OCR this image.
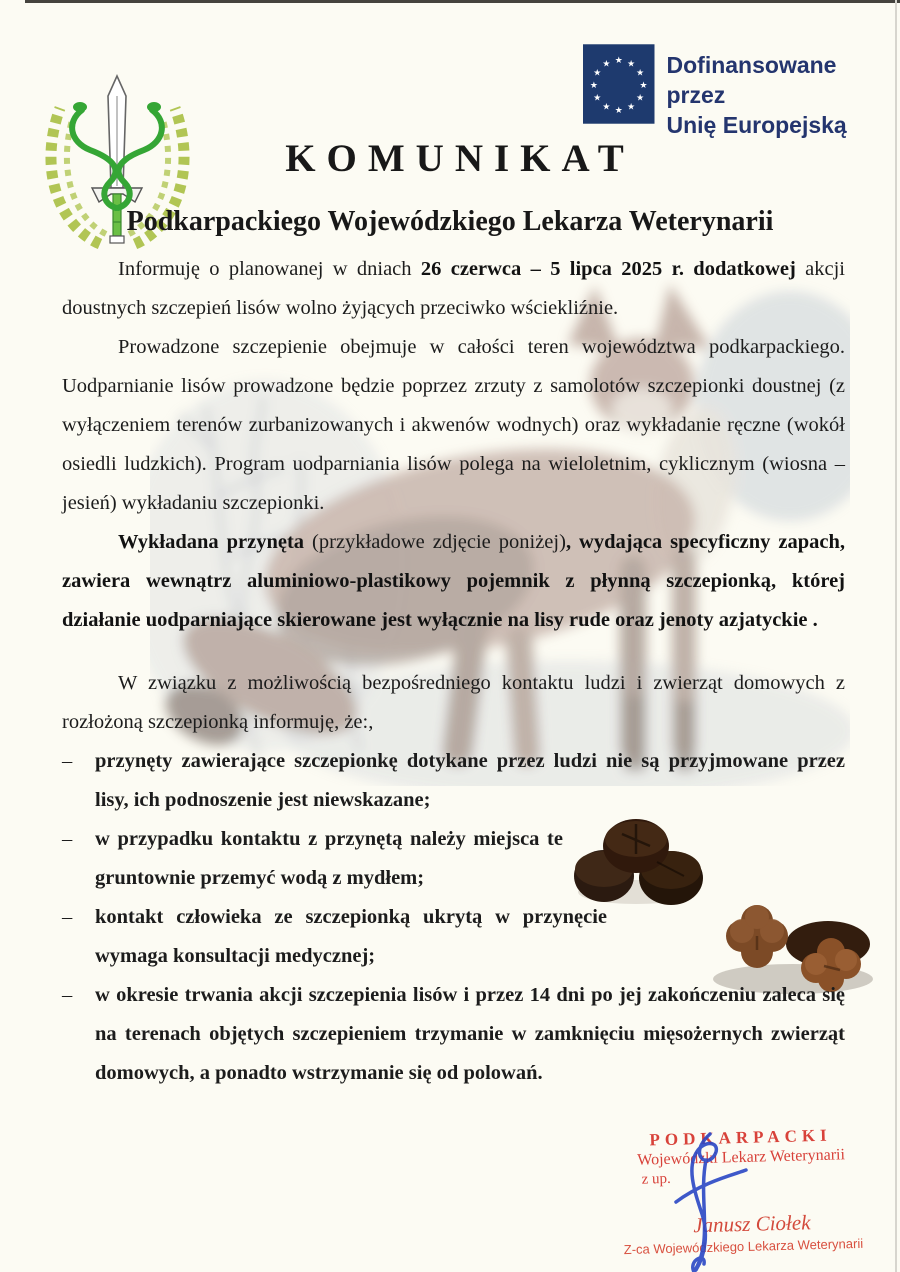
★ ★
★
★
★
★
★
★
★
★
★
★ Dofinansowane przez
Unię Europejską
KOMUNIKAT
Podkarpackiego Wojewódzkiego Lekarza Weterynarii

Informuję o planowanej w dniach 26 czerwca – 5 lipca 2025 r. dodatkowej akcji doustnych szczepień lisów wolno żyjących przeciwko wściekliźnie.

Prowadzone szczepienie obejmuje w całości teren województwa podkarpackiego. Uodparnianie lisów prowadzone będzie poprzez zrzuty z samolotów szczepionki doustnej (z wyłączeniem terenów zurbanizowanych i akwenów wodnych) oraz wykładanie ręczne (wokół osiedli ludzkich). Program uodparniania lisów polega na wieloletnim, cyklicznym (wiosna – jesień) wykładaniu szczepionki.

Wykładana przynęta (przykładowe zdjęcie poniżej), wydająca specyficzny zapach, zawiera wewnątrz aluminiowo-plastikowy pojemnik z płynną szczepionką, której działanie uodparniające skierowane jest wyłącznie na lisy rude oraz jenoty azjatyckie .

W związku z możliwością bezpośredniego kontaktu ludzi i zwierząt domowych z rozłożoną szczepionką informuję, że:,

–	przynęty zawierające szczepionkę dotykane przez ludzi nie są przyjmowane przez lisy, ich podnoszenie jest niewskazane;
–	w przypadku kontaktu z przynętą należy miejsca te gruntownie przemyć wodą z mydłem;
–	kontakt człowieka ze szczepionką ukrytą w przynęcie wymaga konsultacji medycznej;
–	w okresie trwania akcji szczepienia lisów i przez 14 dni po jej zakończeniu zaleca się na terenach objętych szczepieniem trzymanie w zamknięciu mięsożernych zwierząt domowych, a ponadto wstrzymanie się od polowań.
PODKARPACKI
Wojewódzki Lekarz Weterynarii
z up.
Janusz Ciołek
Z-ca Wojewódzkiego Lekarza Weterynarii
